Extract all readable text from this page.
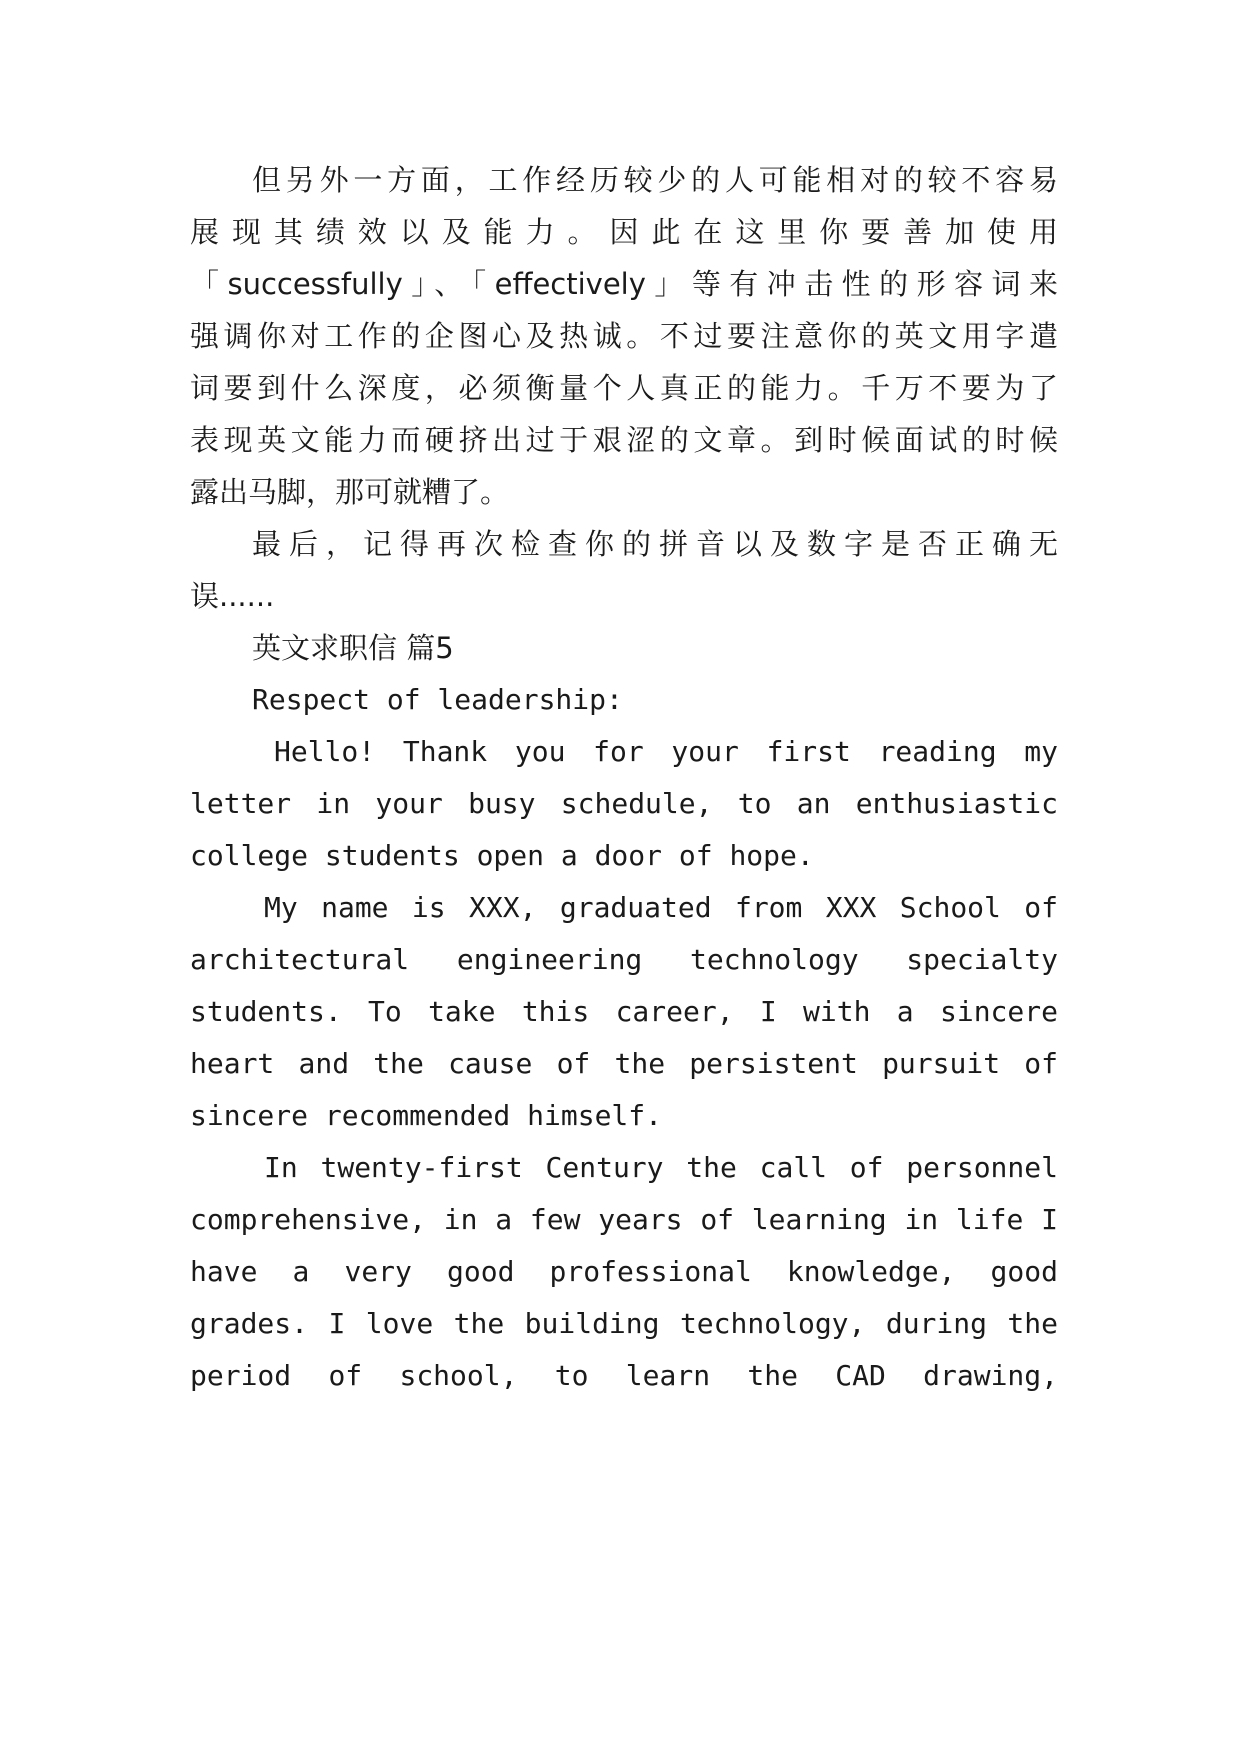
但另外一方面，工作经历较少的人可能相对的较不容易
展现其绩效以及能力。因此在这里你要善加使用
「successfully」、「effectively」等有冲击性的形容词来
强调你对工作的企图心及热诚。不过要注意你的英文用字遣
词要到什么深度，必须衡量个人真正的能力。千万不要为了
表现英文能力而硬挤出过于艰涩的文章。到时候面试的时候
露出马脚，那可就糟了。
最后，记得再次检查你的拼音以及数字是否正确无
误......
英文求职信 篇5
Respect of leadership:
Hello! Thank you for your first reading my
letter in your busy schedule, to an enthusiastic
college students open a door of hope.
My name is XXX, graduated from XXX School of
architectural engineering technology specialty
students. To take this career, I with a sincere
heart and the cause of the persistent pursuit of
sincere recommended himself.
In twenty-first Century the call of personnel
comprehensive, in a few years of learning in life I
have a very good professional knowledge, good
grades. I love the building technology, during the
period of school, to learn the CAD drawing,
